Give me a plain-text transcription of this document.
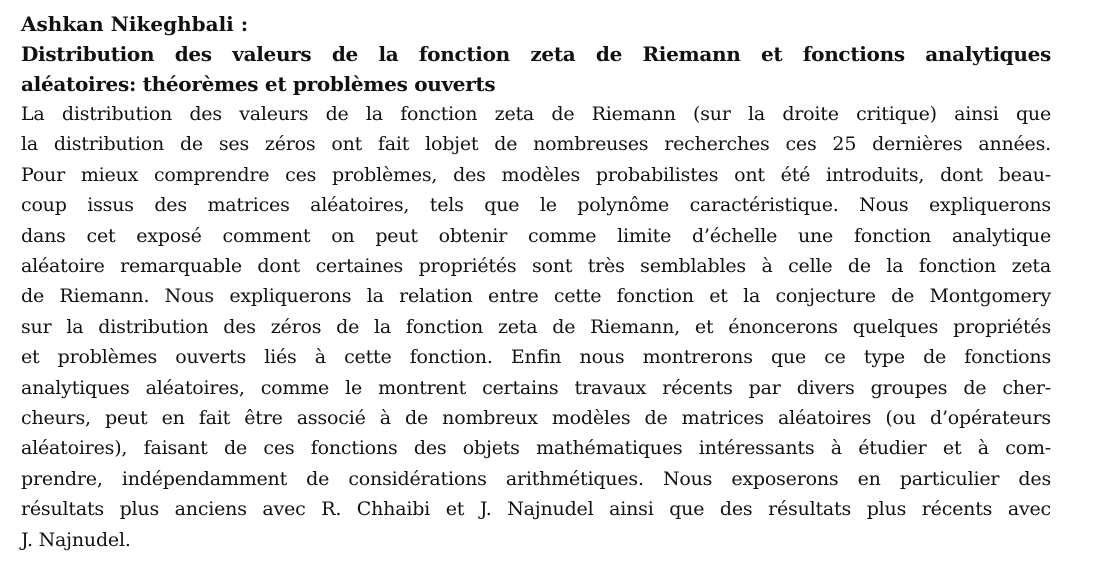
Ashkan Nikeghbali :
Distribution des valeurs de la fonction zeta de Riemann et fonctions analytiques
aléatoires: théorèmes et problèmes ouverts
La distribution des valeurs de la fonction zeta de Riemann (sur la droite critique) ainsi que
la distribution de ses zéros ont fait lobjet de nombreuses recherches ces 25 dernières années.
Pour mieux comprendre ces problèmes, des modèles probabilistes ont été introduits, dont beau-
coup issus des matrices aléatoires, tels que le polynôme caractéristique. Nous expliquerons
dans cet exposé comment on peut obtenir comme limite d’échelle une fonction analytique
aléatoire remarquable dont certaines propriétés sont très semblables à celle de la fonction zeta
de Riemann. Nous expliquerons la relation entre cette fonction et la conjecture de Montgomery
sur la distribution des zéros de la fonction zeta de Riemann, et énoncerons quelques propriétés
et problèmes ouverts liés à cette fonction. Enfin nous montrerons que ce type de fonctions
analytiques aléatoires, comme le montrent certains travaux récents par divers groupes de cher-
cheurs, peut en fait être associé à de nombreux modèles de matrices aléatoires (ou d’opérateurs
aléatoires), faisant de ces fonctions des objets mathématiques intéressants à étudier et à com-
prendre, indépendamment de considérations arithmétiques. Nous exposerons en particulier des
résultats plus anciens avec R. Chhaibi et J. Najnudel ainsi que des résultats plus récents avec
J. Najnudel.
